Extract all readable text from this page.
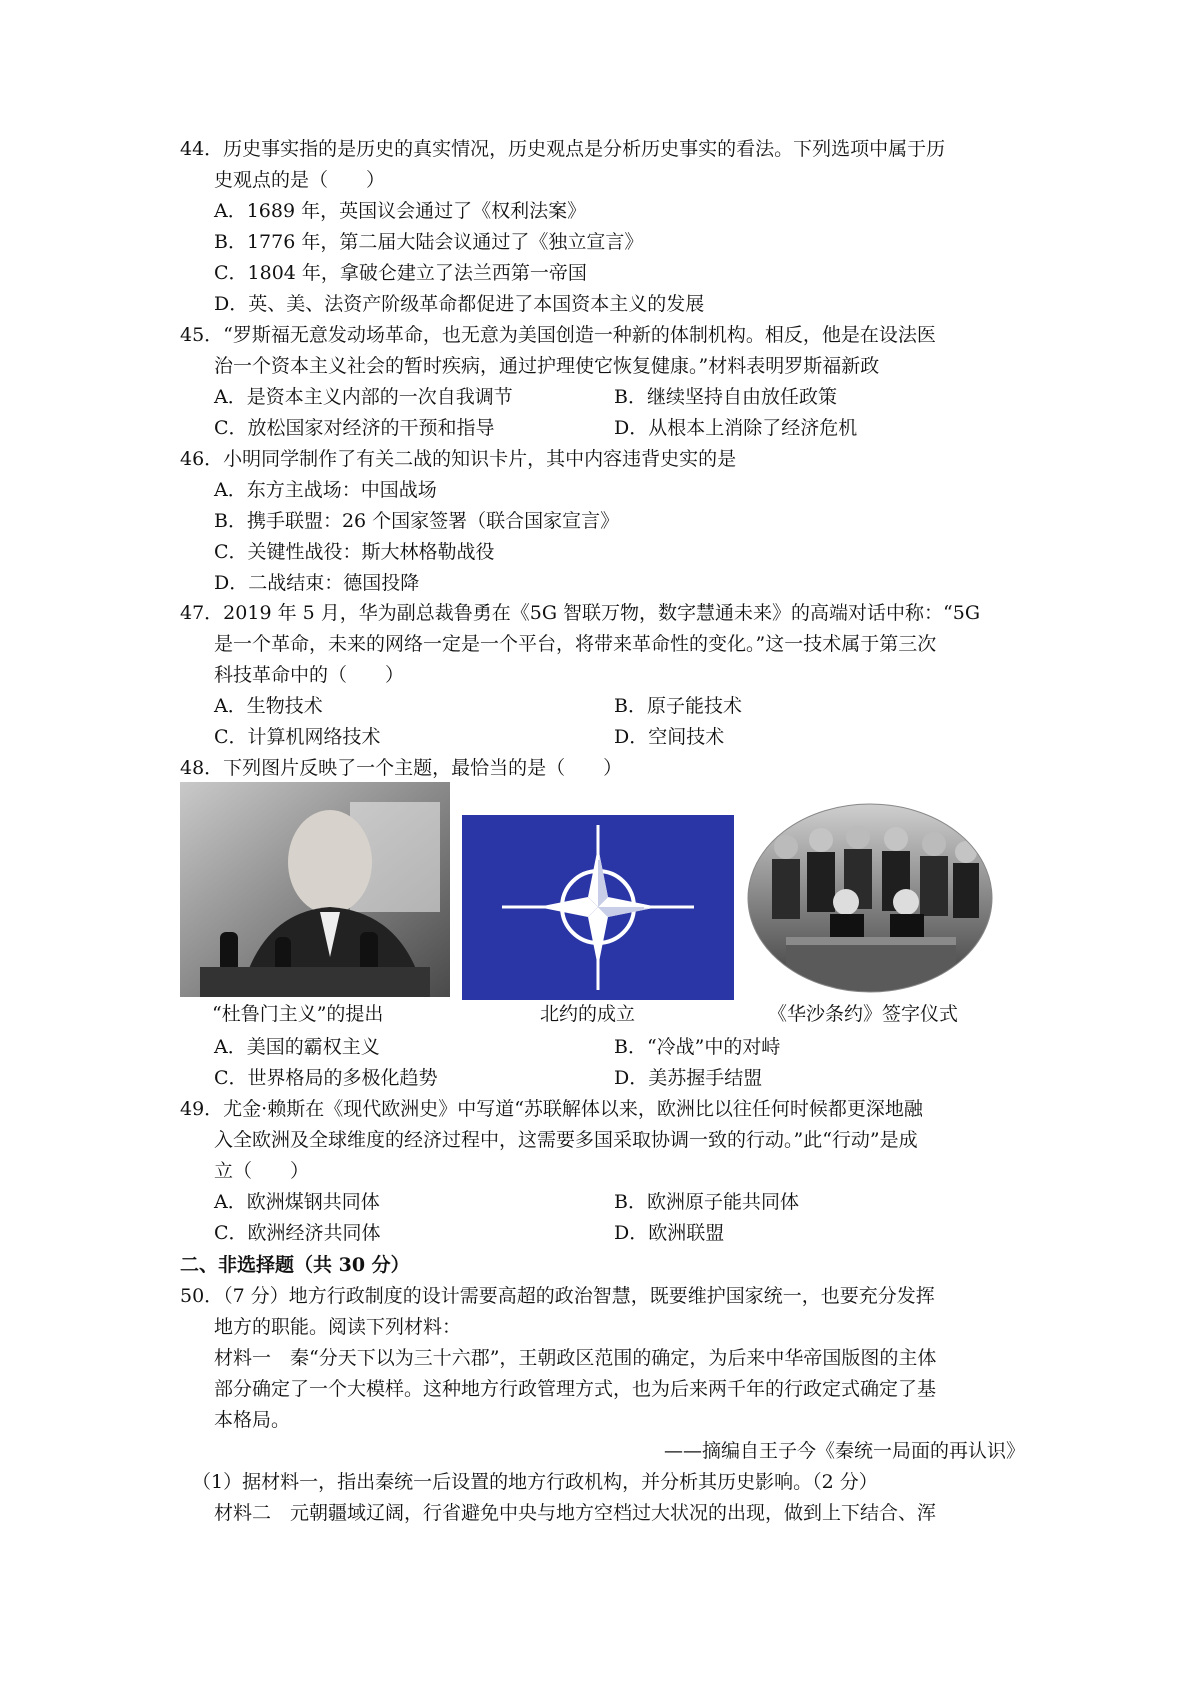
44．历史事实指的是历史的真实情况，历史观点是分析历史事实的看法。下列选项中属于历
史观点的是（　　）
A．1689 年，英国议会通过了《权利法案》
B．1776 年，第二届大陆会议通过了《独立宣言》
C．1804 年，拿破仑建立了法兰西第一帝国
D．英、美、法资产阶级革命都促进了本国资本主义的发展
45．“罗斯福无意发动场革命，也无意为美国创造一种新的体制机构。相反，他是在设法医
治一个资本主义社会的暂时疾病，通过护理使它恢复健康。”材料表明罗斯福新政
A．是资本主义内部的一次自我调节	B．继续坚持自由放任政策
C．放松国家对经济的干预和指导	D．从根本上消除了经济危机
46．小明同学制作了有关二战的知识卡片，其中内容违背史实的是
A．东方主战场：中国战场
B．携手联盟：26 个国家签署（联合国家宣言》
C．关键性战役：斯大林格勒战役
D．二战结束：德国投降
47．2019 年 5 月，华为副总裁鲁勇在《5G 智联万物，数字慧通未来》的高端对话中称：“5G
是一个革命，未来的网络一定是一个平台，将带来革命性的变化。”这一技术属于第三次
科技革命中的（　　）
A．生物技术	B．原子能技术
C．计算机网络技术	D．空间技术
48．下列图片反映了一个主题，最恰当的是（　　）
“杜鲁门主义”的提出	北约的成立	《华沙条约》签字仪式
A．美国的霸权主义	B．“冷战”中的对峙
C．世界格局的多极化趋势	D．美苏握手结盟
49．尤金·赖斯在《现代欧洲史》中写道“苏联解体以来，欧洲比以往任何时候都更深地融
入全欧洲及全球维度的经济过程中，这需要多国采取协调一致的行动。”此“行动”是成
立（　　）
A．欧洲煤钢共同体	B．欧洲原子能共同体
C．欧洲经济共同体	D．欧洲联盟
二、非选择题（共 30 分）
50．（7 分）地方行政制度的设计需要高超的政治智慧，既要维护国家统一，也要充分发挥
地方的职能。阅读下列材料：
材料一　秦“分天下以为三十六郡”，王朝政区范围的确定，为后来中华帝国版图的主体
部分确定了一个大模样。这种地方行政管理方式，也为后来两千年的行政定式确定了基
本格局。
——摘编自王子今《秦统一局面的再认识》
（1）据材料一，指出秦统一后设置的地方行政机构，并分析其历史影响。（2 分）
材料二　元朝疆域辽阔，行省避免中央与地方空档过大状况的出现，做到上下结合、浑
